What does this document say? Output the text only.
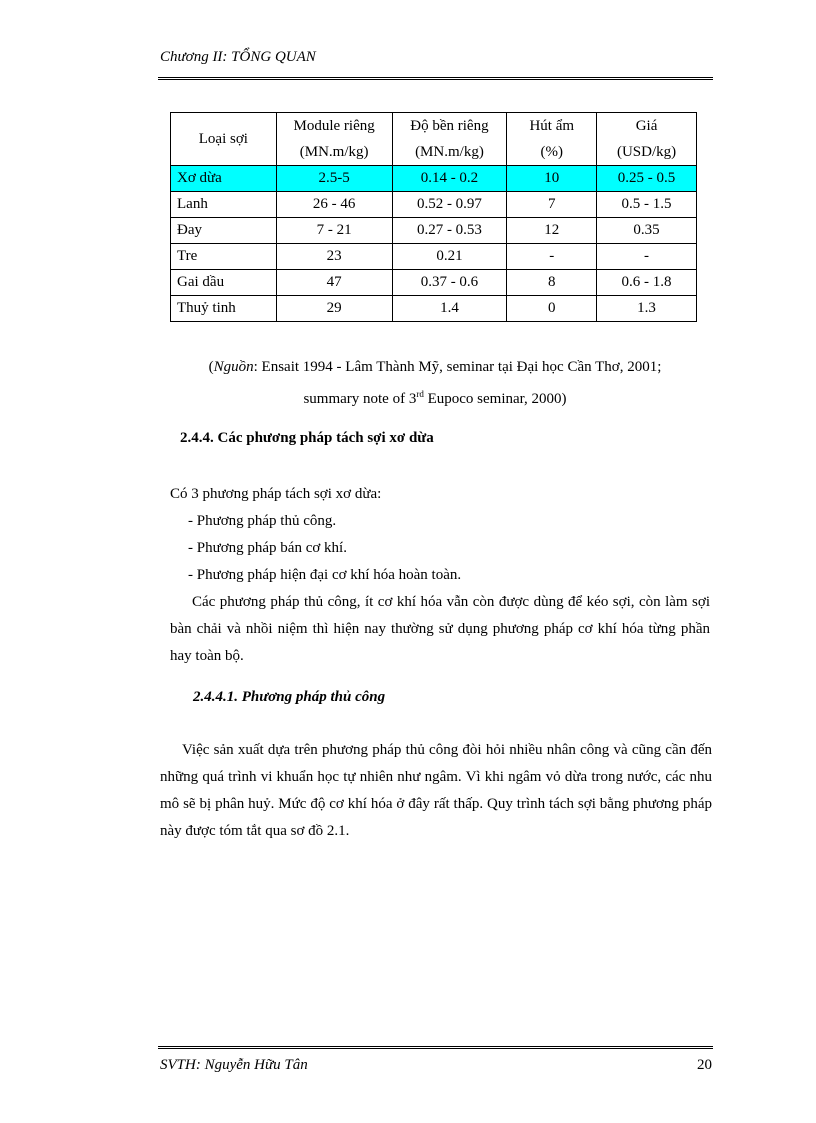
Chương II: TỔNG QUAN
Loại sợi	Module riêng	Độ bền riêng	Hút ẩm	Giá
	(MN.m/kg)	(MN.m/kg)	(%)	(USD/kg)
Xơ dừa	2.5-5	0.14 - 0.2	10	0.25 - 0.5
Lanh	26 - 46	0.52 - 0.97	7	0.5 - 1.5
Đay	7 - 21	0.27 - 0.53	12	0.35
Tre	23	0.21	-	-
Gai dầu	47	0.37 - 0.6	8	0.6 - 1.8
Thuỷ tinh	29	1.4	0	1.3
(Nguồn: Ensait 1994 - Lâm Thành Mỹ, seminar tại Đại học Cần Thơ, 2001;
summary note of 3rd Eupoco seminar, 2000)
2.4.4. Các phương pháp tách sợi xơ dừa
Có 3 phương pháp tách sợi xơ dừa:
- Phương pháp thủ công.
- Phương pháp bán cơ khí.
- Phương pháp hiện đại cơ khí hóa hoàn toàn.
Các phương pháp thủ công, ít cơ khí hóa vẫn còn được dùng để kéo sợi, còn làm sợi bàn chải và nhồi niệm thì hiện nay thường sử dụng phương pháp cơ khí hóa từng phần hay toàn bộ.
2.4.4.1. Phương pháp thủ công
Việc sản xuất dựa trên phương pháp thủ công đòi hỏi nhiều nhân công và cũng cần đến những quá trình vi khuẩn học tự nhiên như ngâm. Vì khi ngâm vỏ dừa trong nước, các nhu mô sẽ bị phân huỷ. Mức độ cơ khí hóa ở đây rất thấp. Quy trình tách sợi bằng phương pháp này được tóm tắt qua sơ đồ 2.1.
SVTH: Nguyễn Hữu Tân	20
